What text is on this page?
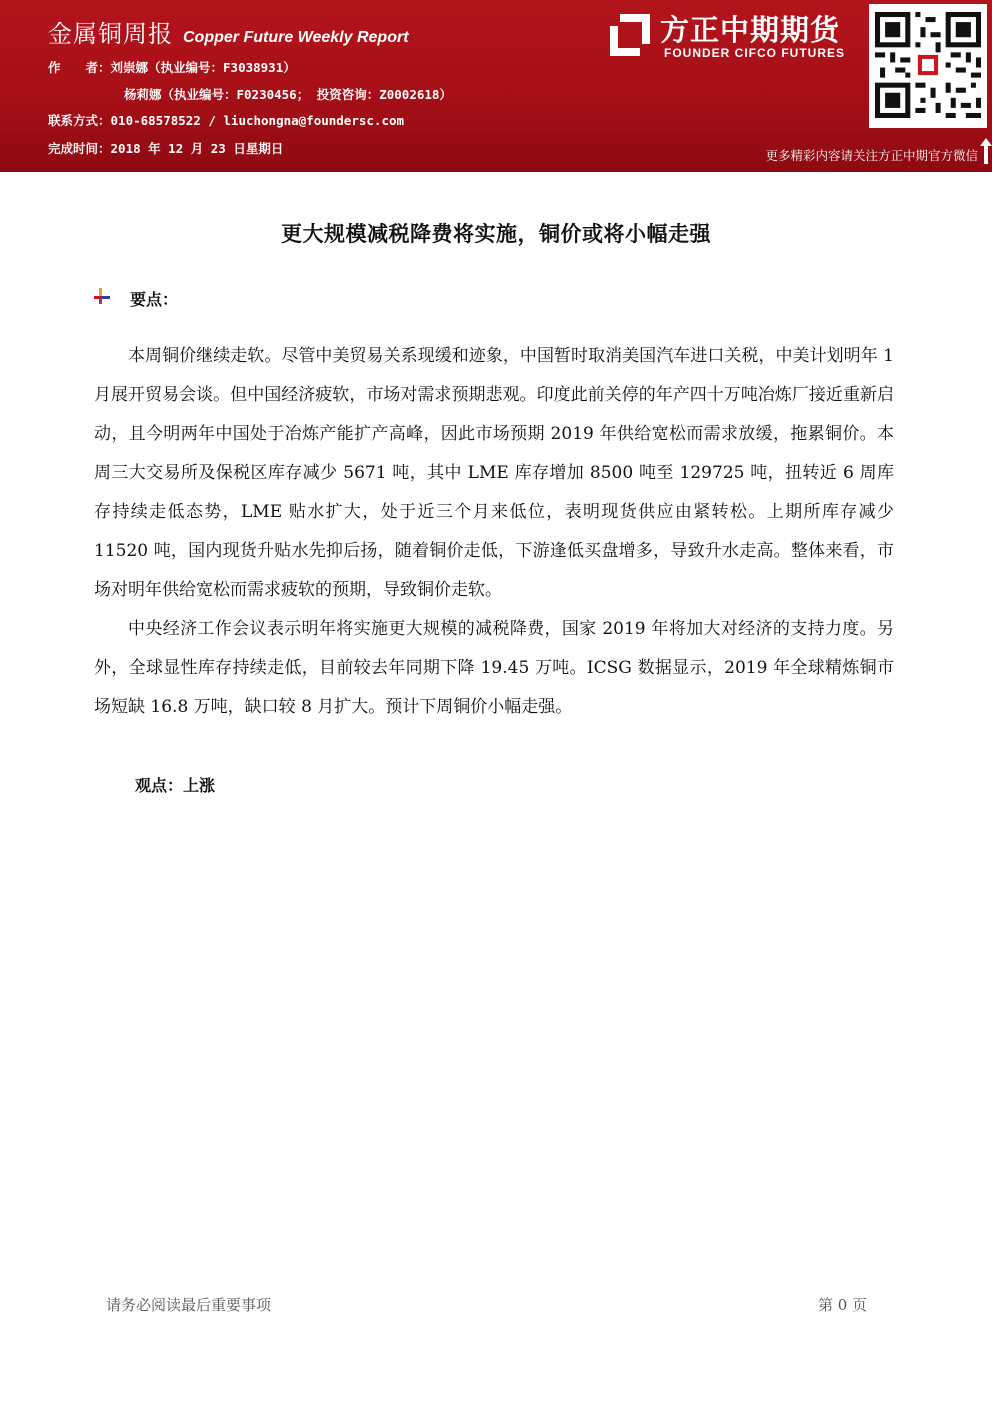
金属铜周报 Copper Future Weekly Report
作　　者：刘崇娜（执业编号：F3038931）
杨莉娜（执业编号：F0230456； 投资咨询：Z0002618）
联系方式：010-68578522 / liuchongna@foundersc.com
完成时间：2018 年 12 月 23 日星期日
方正中期期货
FOUNDER CIFCO FUTURES
更多精彩内容请关注方正中期官方微信
更大规模减税降费将实施，铜价或将小幅走强
要点：

本周铜价继续走软。尽管中美贸易关系现缓和迹象，中国暂时取消美国汽车进口关税，中美计划明年 1 月展开贸易会谈。但中国经济疲软，市场对需求预期悲观。印度此前关停的年产四十万吨冶炼厂接近重新启动，且今明两年中国处于冶炼产能扩产高峰，因此市场预期 2019 年供给宽松而需求放缓，拖累铜价。本周三大交易所及保税区库存减少 5671 吨，其中 LME 库存增加 8500 吨至 129725 吨，扭转近 6 周库存持续走低态势，LME 贴水扩大，处于近三个月来低位，表明现货供应由紧转松。上期所库存减少 11520 吨，国内现货升贴水先抑后扬，随着铜价走低，下游逢低买盘增多，导致升水走高。整体来看，市场对明年供给宽松而需求疲软的预期，导致铜价走软。

中央经济工作会议表示明年将实施更大规模的减税降费，国家 2019 年将加大对经济的支持力度。另外，全球显性库存持续走低，目前较去年同期下降 19.45 万吨。ICSG 数据显示，2019 年全球精炼铜市场短缺 16.8 万吨，缺口较 8 月扩大。预计下周铜价小幅走强。

观点：上涨
请务必阅读最后重要事项	第 0 页
